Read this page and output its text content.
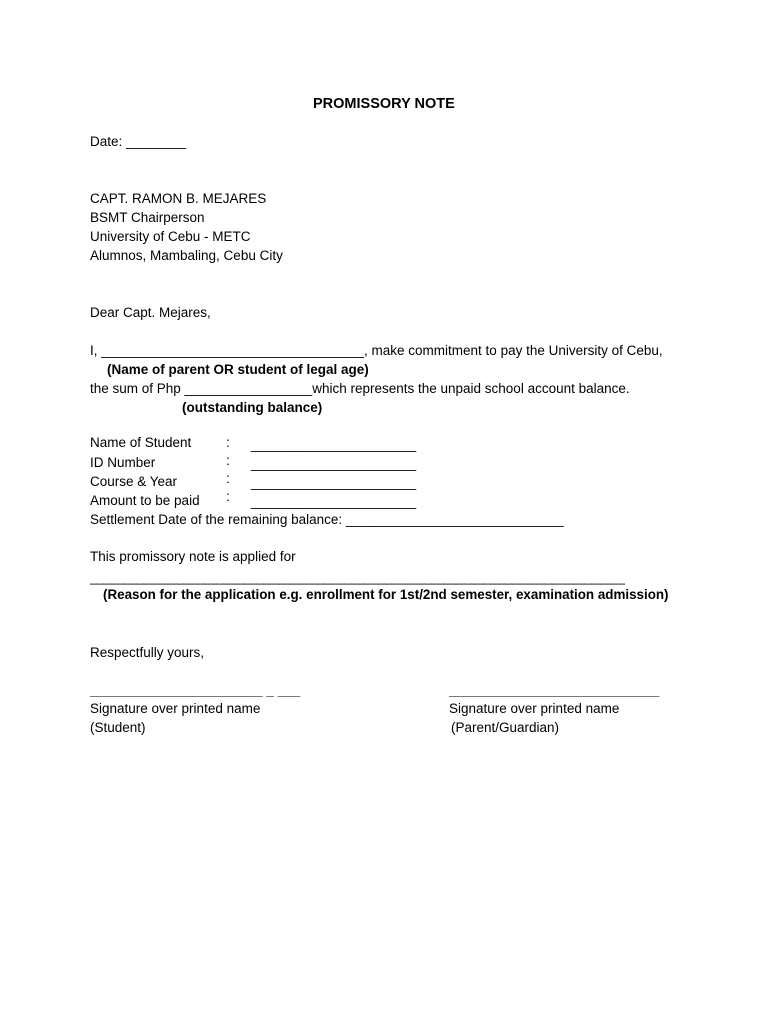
PROMISSORY NOTE
Date: ________
CAPT. RAMON B. MEJARES
BSMT Chairperson
University of Cebu - METC
Alumnos, Mambaling, Cebu City
Dear Capt. Mejares,
I, ___________________________________, make commitment to pay the University of Cebu,
(Name of parent OR student of legal age)
the sum of Php _________________which represents the unpaid school account balance.
(outstanding balance)
Name of Student	: ______________________
ID Number	: ______________________
Course & Year	: ______________________
Amount to be paid : ______________________
Settlement Date of the remaining balance: _____________________________
This promissory note is applied for
________________________________________________________________________________
(Reason for the application e.g. enrollment for 1st/2nd semester, examination admission)
Respectfully yours,
_______________________ _ ___
Signature over printed name
(Student)
____________________________
Signature over printed name
(Parent/Guardian)
